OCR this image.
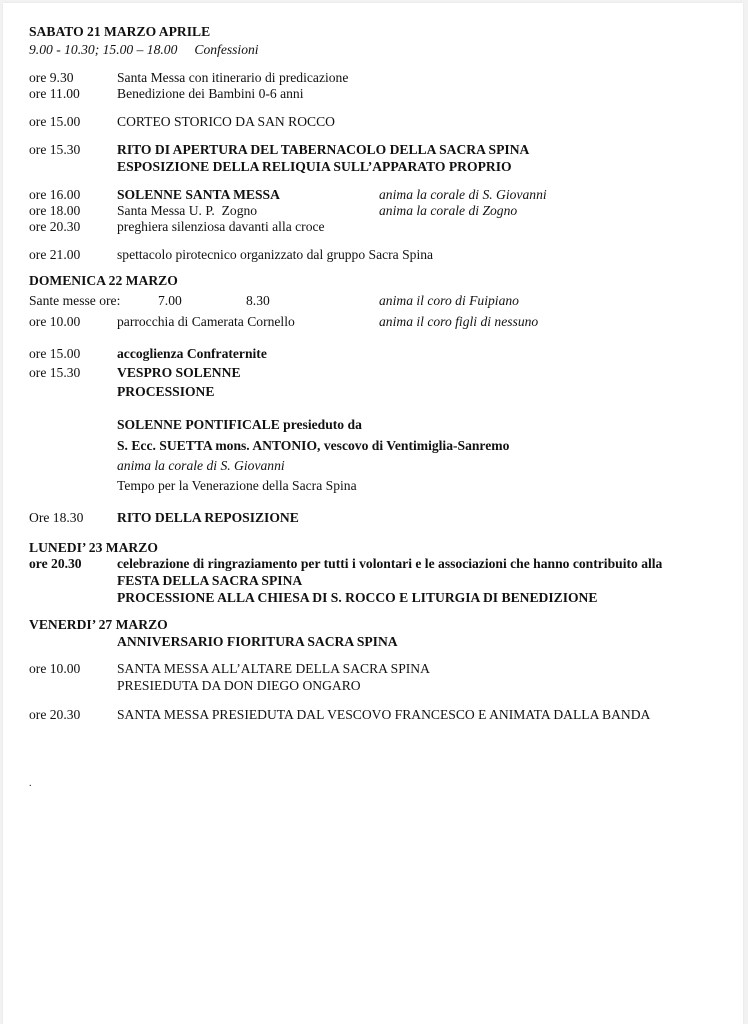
SABATO 21 MARZO APRILE
9.00 - 10.30; 15.00 – 18.00     Confessioni
ore 9.30	Santa Messa con itinerario di predicazione
ore 11.00	Benedizione dei Bambini 0-6 anni
ore 15.00	CORTEO STORICO DA SAN ROCCO
ore 15.30	RITO DI APERTURA DEL TABERNACOLO DELLA SACRA SPINA
ESPOSIZIONE DELLA RELIQUIA SULL’APPARATO PROPRIO
ore 16.00	SOLENNE SANTA MESSA	anima la corale di S. Giovanni
ore 18.00	Santa Messa U. P.  Zogno	anima la corale di Zogno
ore 20.30	preghiera silenziosa davanti alla croce
ore 21.00	spettacolo pirotecnico organizzato dal gruppo Sacra Spina
DOMENICA 22 MARZO
Sante messe ore:	7.00	8.30	anima il coro di Fuipiano
ore 10.00	parrocchia di Camerata Cornello	anima il coro figli di nessuno
ore 15.00	accoglienza Confraternite
ore 15.30	VESPRO SOLENNE
PROCESSIONE
SOLENNE PONTIFICALE presieduto da
S. Ecc. SUETTA mons. ANTONIO, vescovo di Ventimiglia-Sanremo
anima la corale di S. Giovanni
Tempo per la Venerazione della Sacra Spina
Ore 18.30 RITO DELLA REPOSIZIONE
LUNEDI’ 23 MARZO
ore 20.30	celebrazione di ringraziamento per tutti i volontari e le associazioni che hanno contribuito alla
FESTA DELLA SACRA SPINA
PROCESSIONE ALLA CHIESA DI S. ROCCO E LITURGIA DI BENEDIZIONE
VENERDI’ 27 MARZO
ANNIVERSARIO FIORITURA SACRA SPINA
ore 10.00	SANTA MESSA ALL’ALTARE DELLA SACRA SPINA
PRESIEDUTA DA DON DIEGO ONGARO
ore 20.30	SANTA MESSA PRESIEDUTA DAL VESCOVO FRANCESCO E ANIMATA DALLA BANDA
.
